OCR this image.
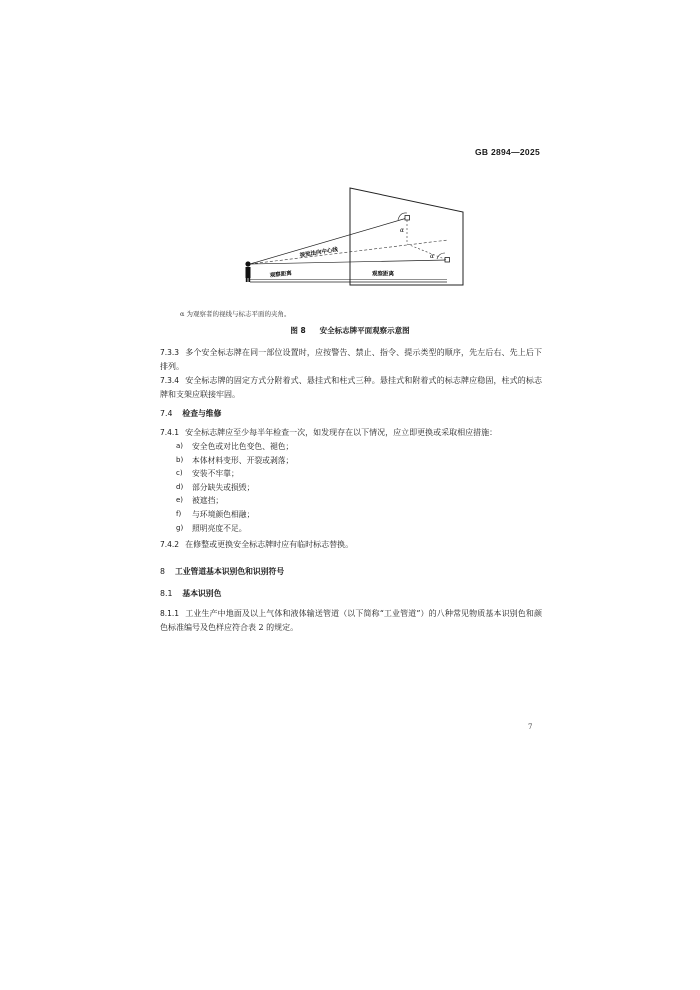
GB 2894—2025
α
α
视觉法向中心线
观察距离	观察距离
α 为观察者的视线与标志平面的夹角。
图 8 安全标志牌平面观察示意图
7.3.3 多个安全标志牌在同一部位设置时，应按警告、禁止、指令、提示类型的顺序，先左后右、先上后下排列。
7.3.4 安全标志牌的固定方式分附着式、悬挂式和柱式三种。悬挂式和附着式的标志牌应稳固，柱式的标志牌和支架应联接牢固。
7.4 检查与维修
7.4.1 安全标志牌应至少每半年检查一次，如发现存在以下情况，应立即更换或采取相应措施：
a)	安全色或对比色变色、褪色；
b)	本体材料变形、开裂或剥落；
c)	安装不牢靠；
d)	部分缺失或损毁；
e)	被遮挡；
f)	与环境颜色相融；
g)	照明亮度不足。
7.4.2 在修整或更换安全标志牌时应有临时标志替换。
8 工业管道基本识别色和识别符号
8.1 基本识别色
8.1.1 工业生产中地面及以上气体和液体输送管道（以下简称“工业管道”）的八种常见物质基本识别色和颜色标准编号及色样应符合表 2 的规定。
7
